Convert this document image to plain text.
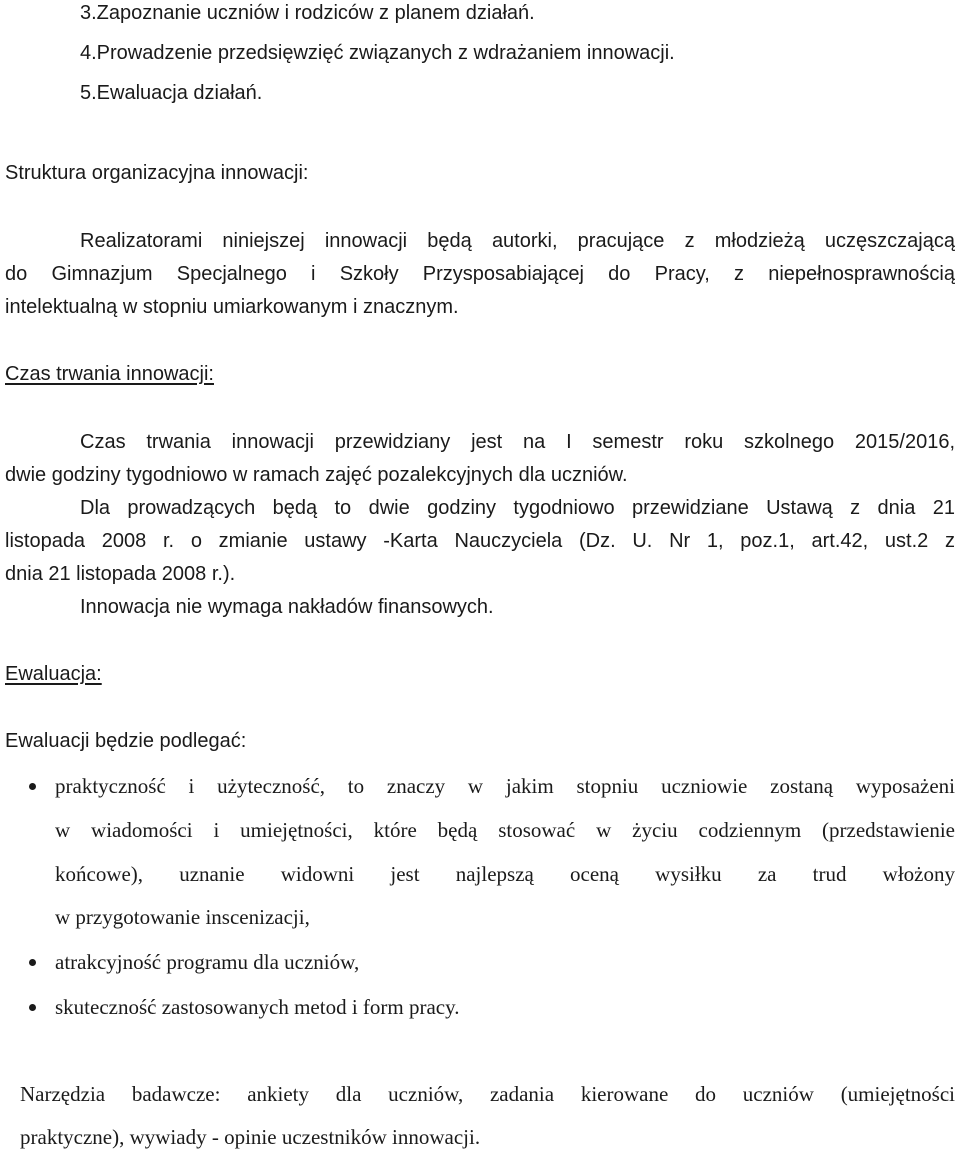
3.Zapoznanie uczniów i rodziców z planem działań.
4.Prowadzenie przedsięwzięć związanych z wdrażaniem innowacji.
5.Ewaluacja działań.
Struktura organizacyjna innowacji:
Realizatorami niniejszej innowacji będą autorki, pracujące z młodzieżą uczęszczającą
do Gimnazjum Specjalnego i Szkoły Przysposabiającej do Pracy, z niepełnosprawnością
intelektualną w stopniu umiarkowanym i znacznym.
Czas trwania innowacji:
Czas trwania innowacji przewidziany jest na I semestr roku szkolnego 2015/2016,
dwie godziny tygodniowo w ramach zajęć pozalekcyjnych dla uczniów.
Dla prowadzących będą to dwie godziny tygodniowo przewidziane Ustawą z dnia 21
listopada 2008 r. o zmianie ustawy -Karta Nauczyciela (Dz. U. Nr 1, poz.1, art.42, ust.2 z
dnia 21 listopada 2008 r.).
Innowacja nie wymaga nakładów finansowych.
Ewaluacja:
Ewaluacji będzie podlegać:
praktyczność i użyteczność, to znaczy w jakim stopniu uczniowie zostaną wyposażeni
w wiadomości i umiejętności, które będą stosować w życiu codziennym (przedstawienie
końcowe), uznanie widowni jest najlepszą oceną wysiłku za trud włożony
w przygotowanie inscenizacji,
atrakcyjność programu dla uczniów,
skuteczność zastosowanych metod i form pracy.
Narzędzia badawcze: ankiety dla uczniów, zadania kierowane do uczniów (umiejętności
praktyczne), wywiady - opinie uczestników innowacji.
